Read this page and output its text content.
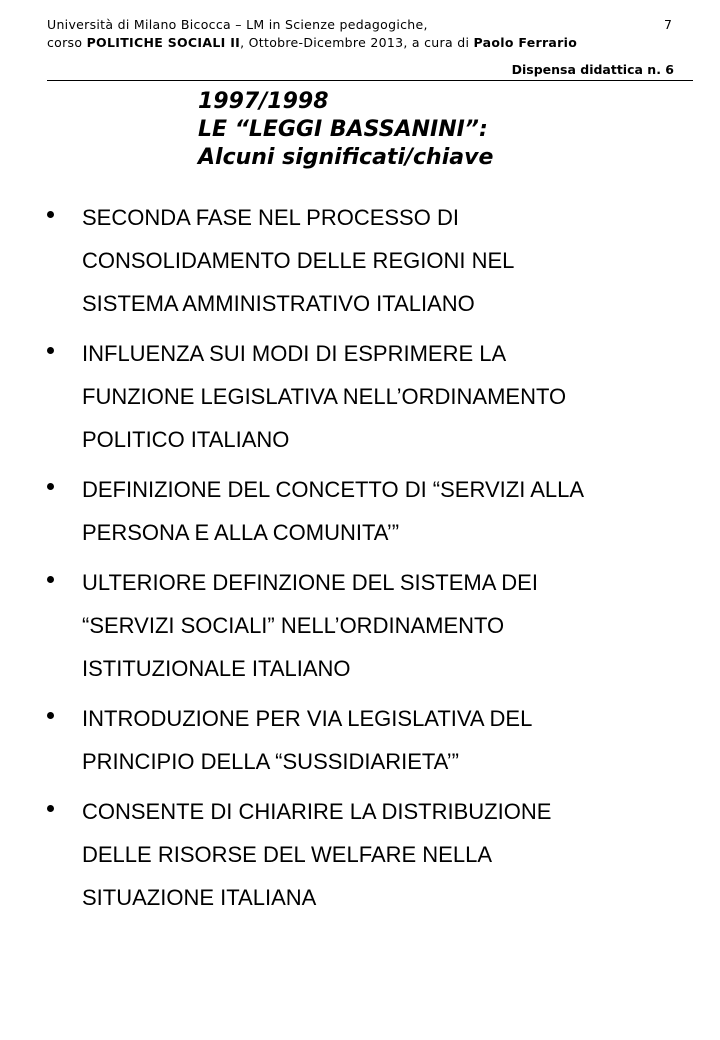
Università di Milano Bicocca – LM in Scienze pedagogiche,
corso POLITICHE SOCIALI II, Ottobre-Dicembre 2013, a cura di Paolo Ferrario
7
Dispensa didattica n. 6
1997/1998
LE “LEGGI BASSANINI”:
Alcuni significati/chiave
SECONDA FASE NEL PROCESSO DI
CONSOLIDAMENTO DELLE REGIONI NEL
SISTEMA AMMINISTRATIVO ITALIANO
INFLUENZA SUI MODI DI ESPRIMERE LA
FUNZIONE LEGISLATIVA NELL’ORDINAMENTO
POLITICO ITALIANO
DEFINIZIONE DEL CONCETTO DI “SERVIZI ALLA
PERSONA E ALLA COMUNITA’”
ULTERIORE DEFINZIONE DEL SISTEMA DEI
“SERVIZI SOCIALI” NELL’ORDINAMENTO
ISTITUZIONALE ITALIANO
INTRODUZIONE PER VIA LEGISLATIVA DEL
PRINCIPIO DELLA “SUSSIDIARIETA’”
CONSENTE DI CHIARIRE LA DISTRIBUZIONE
DELLE RISORSE DEL WELFARE NELLA
SITUAZIONE ITALIANA
